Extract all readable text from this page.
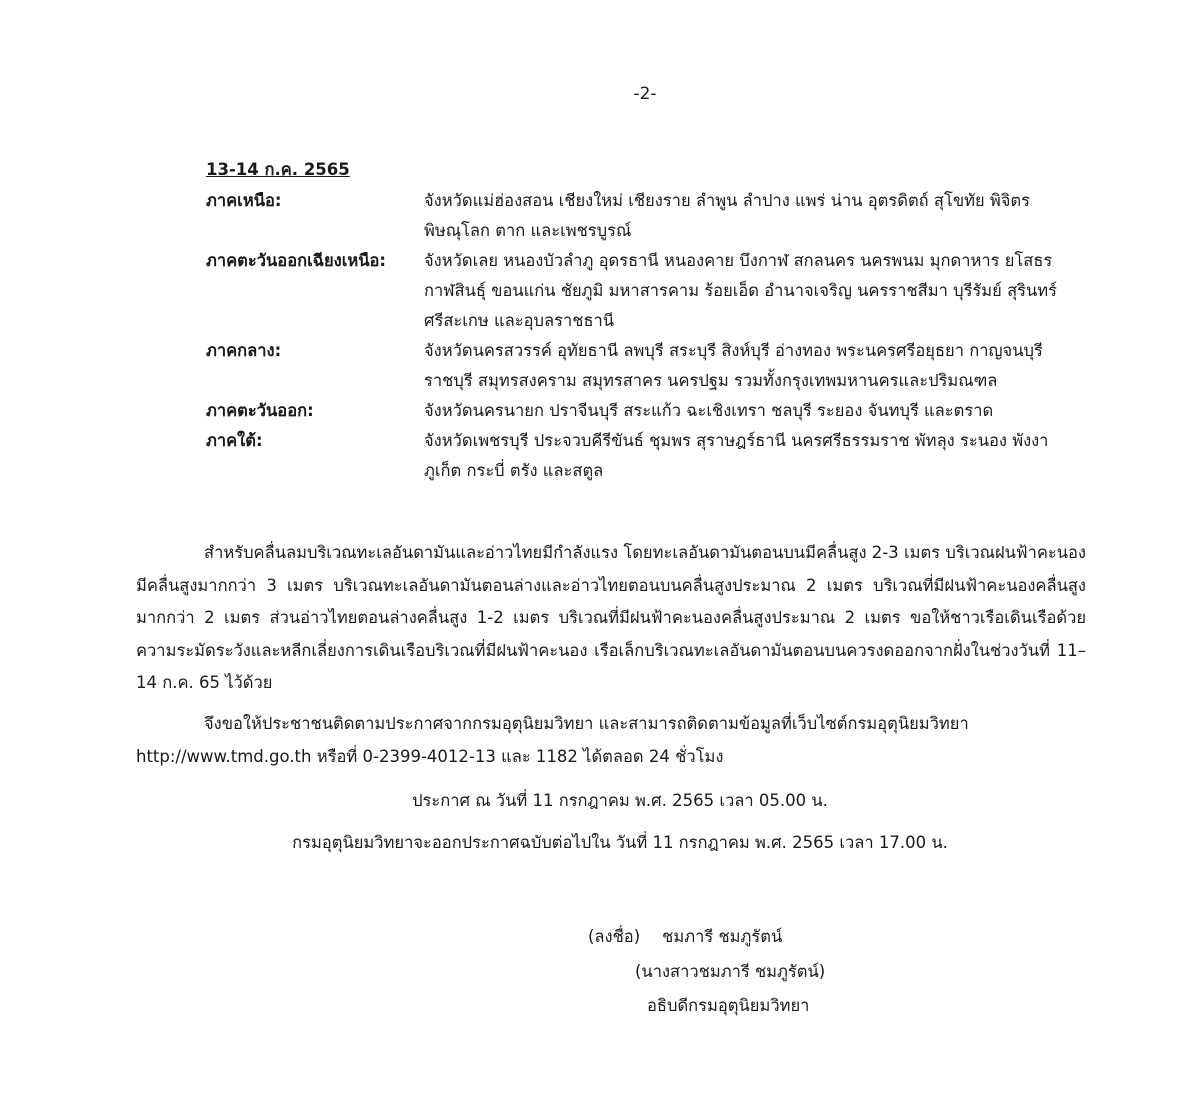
-2-
13-14 ก.ค. 2565
ภาคเหนือ:	จังหวัดแม่ฮ่องสอน เชียงใหม่ เชียงราย ลำพูน ลำปาง แพร่ น่าน อุตรดิตถ์ สุโขทัย พิจิตร
พิษณุโลก ตาก และเพชรบูรณ์
ภาคตะวันออกเฉียงเหนือ:	จังหวัดเลย หนองบัวลำภู อุดรธานี หนองคาย บึงกาฬ สกลนคร นครพนม มุกดาหาร ยโสธร
กาฬสินธุ์ ขอนแก่น ชัยภูมิ มหาสารคาม ร้อยเอ็ด อำนาจเจริญ นครราชสีมา บุรีรัมย์ สุรินทร์
ศรีสะเกษ และอุบลราชธานี
ภาคกลาง:	จังหวัดนครสวรรค์ อุทัยธานี ลพบุรี สระบุรี สิงห์บุรี อ่างทอง พระนครศรีอยุธยา กาญจนบุรี
ราชบุรี สมุทรสงคราม สมุทรสาคร นครปฐม รวมทั้งกรุงเทพมหานครและปริมณฑล
ภาคตะวันออก:	จังหวัดนครนายก ปราจีนบุรี สระแก้ว ฉะเชิงเทรา ชลบุรี ระยอง จันทบุรี และตราด
ภาคใต้:	จังหวัดเพชรบุรี ประจวบคีรีขันธ์ ชุมพร สุราษฎร์ธานี นครศรีธรรมราช พัทลุง ระนอง พังงา
ภูเก็ต กระบี่ ตรัง และสตูล
สำหรับคลื่นลมบริเวณทะเลอันดามันและอ่าวไทยมีกำลังแรง โดยทะเลอันดามันตอนบนมีคลื่นสูง 2-3 เมตร บริเวณฝนฟ้าคะนองมีคลื่นสูงมากกว่า 3 เมตร บริเวณทะเลอันดามันตอนล่างและอ่าวไทยตอนบนคลื่นสูงประมาณ 2 เมตร บริเวณที่มีฝนฟ้าคะนองคลื่นสูงมากกว่า 2 เมตร ส่วนอ่าวไทยตอนล่างคลื่นสูง 1-2 เมตร บริเวณที่มีฝนฟ้าคะนองคลื่นสูงประมาณ 2 เมตร ขอให้ชาวเรือเดินเรือด้วยความระมัดระวังและหลีกเลี่ยงการเดินเรือบริเวณที่มีฝนฟ้าคะนอง เรือเล็กบริเวณทะเลอันดามันตอนบนควรงดออกจากฝั่งในช่วงวันที่ 11–14 ก.ค. 65 ไว้ด้วย
จึงขอให้ประชาชนติดตามประกาศจากกรมอุตุนิยมวิทยา และสามารถติดตามข้อมูลที่เว็บไซต์กรมอุตุนิยมวิทยา
http://www.tmd.go.th หรือที่ 0-2399-4012-13 และ 1182 ได้ตลอด 24 ชั่วโมง
ประกาศ ณ วันที่ 11 กรกฎาคม พ.ศ. 2565 เวลา 05.00 น.
กรมอุตุนิยมวิทยาจะออกประกาศฉบับต่อไปใน วันที่ 11 กรกฎาคม พ.ศ. 2565 เวลา 17.00 น.
(ลงชื่อ) ชมภารี ชมภูรัตน์
(นางสาวชมภารี ชมภูรัตน์)
อธิบดีกรมอุตุนิยมวิทยา
